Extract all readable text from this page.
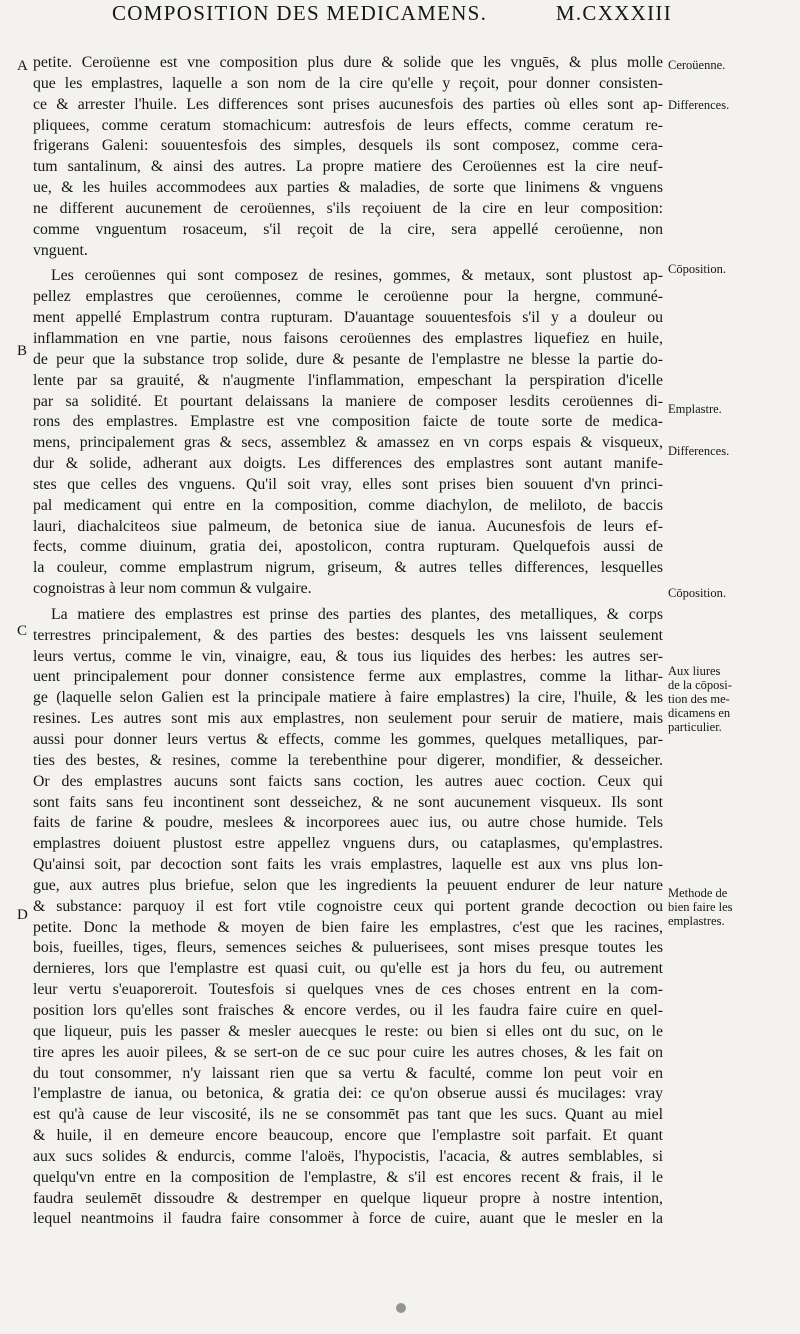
COMPOSITION DES MEDICAMENS.	M.CXXXIII
A
B
C
D
Ceroüenne.
Differences.
Cōposition.
Emplastre.
Differences.
Cōposition.
Aux liures
de la cōposi-
tion des me-
dicamens en
particulier.
Methode de
bien faire les
emplastres.
petite. Ceroüenne est vne composition plus dure & solide que les vnguēs, & plus molle
que les emplastres, laquelle a son nom de la cire qu'elle y reçoit, pour donner consisten-
ce & arrester l'huile. Les differences sont prises aucunesfois des parties où elles sont ap-
pliquees, comme ceratum stomachicum: autresfois de leurs effects, comme ceratum re-
frigerans Galeni: souuentesfois des simples, desquels ils sont composez, comme cera-
tum santalinum, & ainsi des autres. La propre matiere des Ceroüennes est la cire neuf-
ue, & les huiles accommodees aux parties & maladies, de sorte que linimens & vnguens
ne different aucunement de ceroüennes, s'ils reçoiuent de la cire en leur composition:
comme vnguentum rosaceum, s'il reçoit de la cire, sera appellé ceroüenne, non
vnguent.
Les ceroüennes qui sont composez de resines, gommes, & metaux, sont plustost ap-
pellez emplastres que ceroüennes, comme le ceroüenne pour la hergne, communé-
ment appellé Emplastrum contra rupturam. D'auantage souuentesfois s'il y a douleur ou
inflammation en vne partie, nous faisons ceroüennes des emplastres liquefiez en huile,
de peur que la substance trop solide, dure & pesante de l'emplastre ne blesse la partie do-
lente par sa grauité, & n'augmente l'inflammation, empeschant la perspiration d'icelle
par sa solidité. Et pourtant delaissans la maniere de composer lesdits ceroüennes di-
rons des emplastres. Emplastre est vne composition faicte de toute sorte de medica-
mens, principalement gras & secs, assemblez & amassez en vn corps espais & visqueux,
dur & solide, adherant aux doigts. Les differences des emplastres sont autant manife-
stes que celles des vnguens. Qu'il soit vray, elles sont prises bien souuent d'vn princi-
pal medicament qui entre en la composition, comme diachylon, de meliloto, de baccis
lauri, diachalciteos siue palmeum, de betonica siue de ianua. Aucunesfois de leurs ef-
fects, comme diuinum, gratia dei, apostolicon, contra rupturam. Quelquefois aussi de
la couleur, comme emplastrum nigrum, griseum, & autres telles differences, lesquelles
cognoistras à leur nom commun & vulgaire.
La matiere des emplastres est prinse des parties des plantes, des metalliques, & corps
terrestres principalement, & des parties des bestes: desquels les vns laissent seulement
leurs vertus, comme le vin, vinaigre, eau, & tous ius liquides des herbes: les autres ser-
uent principalement pour donner consistence ferme aux emplastres, comme la lithar-
ge (laquelle selon Galien est la principale matiere à faire emplastres) la cire, l'huile, & les
resines. Les autres sont mis aux emplastres, non seulement pour seruir de matiere, mais
aussi pour donner leurs vertus & effects, comme les gommes, quelques metalliques, par-
ties des bestes, & resines, comme la terebenthine pour digerer, mondifier, & desseicher.
Or des emplastres aucuns sont faicts sans coction, les autres auec coction. Ceux qui
sont faits sans feu incontinent sont desseichez, & ne sont aucunement visqueux. Ils sont
faits de farine & poudre, meslees & incorporees auec ius, ou autre chose humide. Tels
emplastres doiuent plustost estre appellez vnguens durs, ou cataplasmes, qu'emplastres.
Qu'ainsi soit, par decoction sont faits les vrais emplastres, laquelle est aux vns plus lon-
gue, aux autres plus briefue, selon que les ingredients la peuuent endurer de leur nature
& substance: parquoy il est fort vtile cognoistre ceux qui portent grande decoction ou
petite. Donc la methode & moyen de bien faire les emplastres, c'est que les racines,
bois, fueilles, tiges, fleurs, semences seiches & puluerisees, sont mises presque toutes les
dernieres, lors que l'emplastre est quasi cuit, ou qu'elle est ja hors du feu, ou autrement
leur vertu s'euaporeroit. Toutesfois si quelques vnes de ces choses entrent en la com-
position lors qu'elles sont fraisches & encore verdes, ou il les faudra faire cuire en quel-
que liqueur, puis les passer & mesler auecques le reste: ou bien si elles ont du suc, on le
tire apres les auoir pilees, & se sert-on de ce suc pour cuire les autres choses, & les fait on
du tout consommer, n'y laissant rien que sa vertu & faculté, comme lon peut voir en
l'emplastre de ianua, ou betonica, & gratia dei: ce qu'on obserue aussi és mucilages: vray
est qu'à cause de leur viscosité, ils ne se consommēt pas tant que les sucs. Quant au miel
& huile, il en demeure encore beaucoup, encore que l'emplastre soit parfait. Et quant
aux sucs solides & endurcis, comme l'aloës, l'hypocistis, l'acacia, & autres semblables, si
quelqu'vn entre en la composition de l'emplastre, & s'il est encores recent & frais, il le
faudra seulemēt dissoudre & destremper en quelque liqueur propre à nostre intention,
lequel neantmoins il faudra faire consommer à force de cuire, auant que le mesler en la
